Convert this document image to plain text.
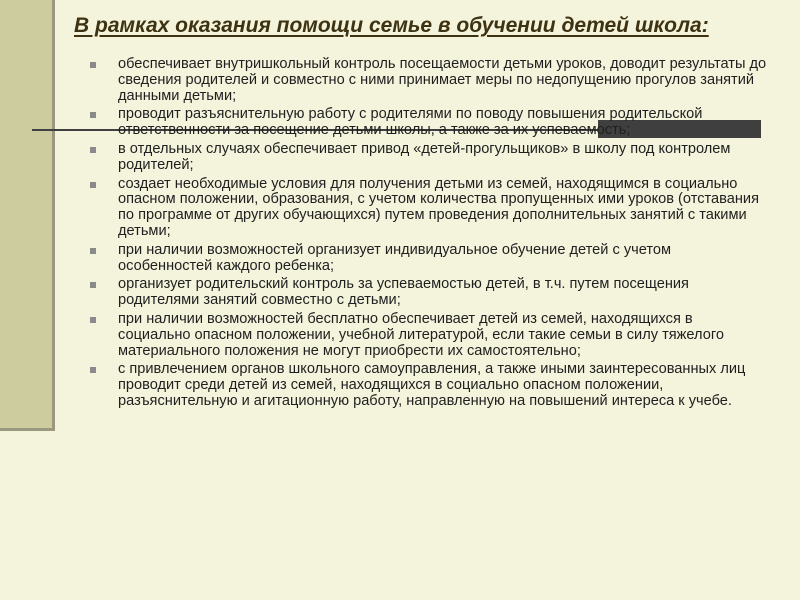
В рамках оказания помощи семье в обучении детей школа:
обеспечивает внутришкольный контроль посещаемости детьми уроков, доводит результаты до сведения родителей и совместно с ними принимает меры по недопущению прогулов занятий данными детьми;
проводит разъяснительную работу с родителями по поводу повышения родительской ответственности за посещение детьми школы, а также за их успеваемость;
в отдельных случаях обеспечивает привод «детей-прогульщиков» в школу под контролем родителей;
создает необходимые условия для получения детьми из семей, находящимся в социально опасном положении, образования, с учетом количества пропущенных ими уроков (отставания по программе от других обучающихся) путем проведения дополнительных занятий с такими детьми;
при наличии возможностей организует индивидуальное обучение детей с учетом особенностей каждого ребенка;
организует родительский контроль за успеваемостью детей, в т.ч. путем посещения родителями занятий совместно с детьми;
при наличии возможностей бесплатно обеспечивает детей из семей, находящихся в социально опасном положении, учебной литературой, если такие семьи в силу тяжелого материального положения не могут приобрести их самостоятельно;
с привлечением органов школьного самоуправления, а также иными заинтересованных лиц проводит среди детей из семей, находящихся в социально опасном положении, разъяснительную и агитационную работу, направленную на повышений интереса к учебе.
